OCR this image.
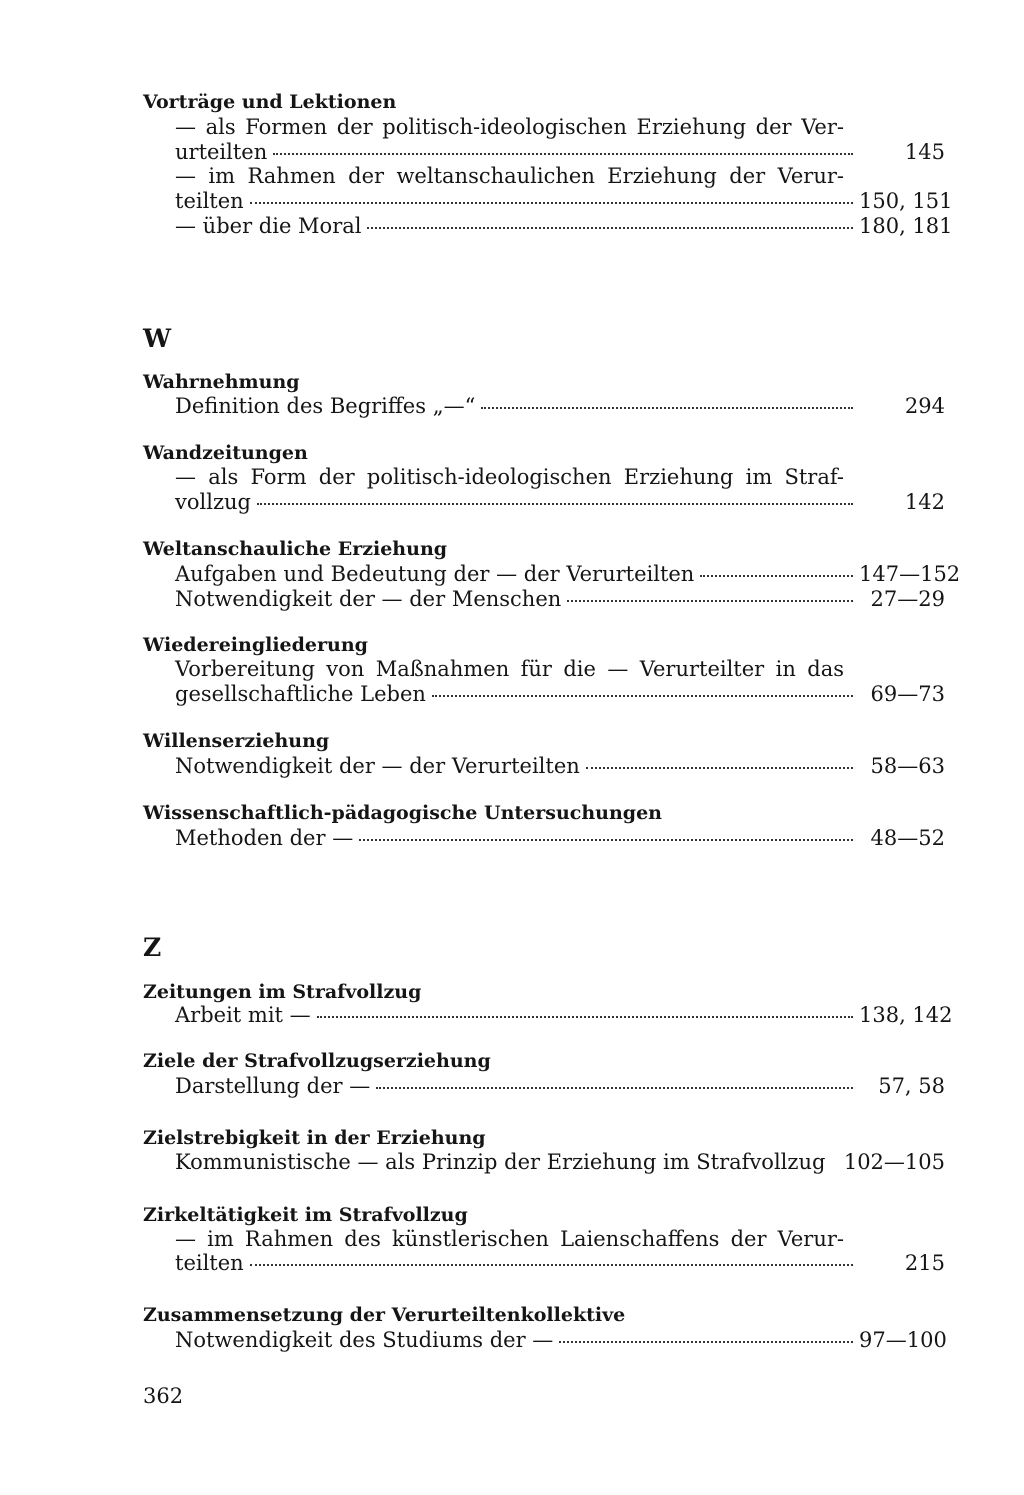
Vorträge und Lektionen
— als Formen der politisch-ideologischen Erziehung der Ver-
urteilten	145
— im Rahmen der weltanschaulichen Erziehung der Verur-
teilten	150, 151
— über die Moral	180, 181
W
Wahrnehmung
Definition des Begriffes „—“	294
Wandzeitungen
— als Form der politisch-ideologischen Erziehung im Straf-
vollzug	142
Weltanschauliche Erziehung
Aufgaben und Bedeutung der — der Verurteilten	147—152
Notwendigkeit der — der Menschen	27—29
Wiedereingliederung
Vorbereitung von Maßnahmen für die — Verurteilter in das
gesellschaftliche Leben	69—73
Willenserziehung
Notwendigkeit der — der Verurteilten	58—63
Wissenschaftlich-pädagogische Untersuchungen
Methoden der —	48—52
Z
Zeitungen im Strafvollzug
Arbeit mit —	138, 142
Ziele der Strafvollzugserziehung
Darstellung der —	57, 58
Zielstrebigkeit in der Erziehung
Kommunistische — als Prinzip der Erziehung im Strafvollzug 102—105
Zirkeltätigkeit im Strafvollzug
— im Rahmen des künstlerischen Laienschaffens der Verur-
teilten	215
Zusammensetzung der Verurteiltenkollektive
Notwendigkeit des Studiums der —	97—100
362
